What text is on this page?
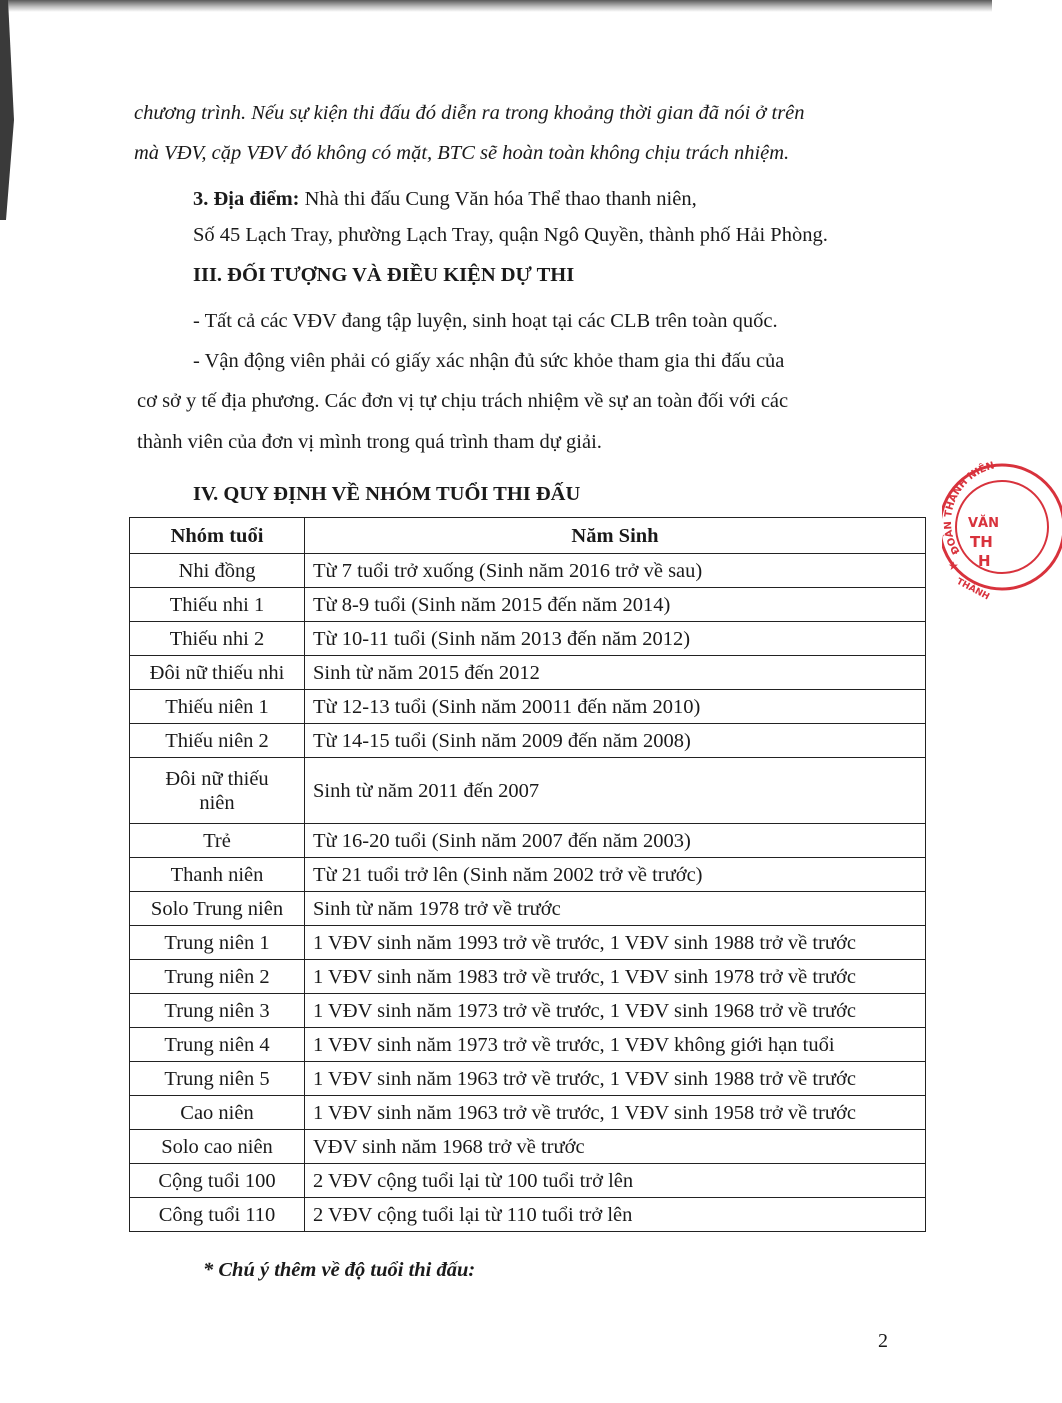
chương trình. Nếu sự kiện thi đấu đó diễn ra trong khoảng thời gian đã nói ở trên
mà VĐV, cặp VĐV đó không có mặt, BTC sẽ hoàn toàn không chịu trách nhiệm.
3. Địa điểm: Nhà thi đấu Cung Văn hóa Thể thao thanh niên,
Số 45 Lạch Tray, phường Lạch Tray, quận Ngô Quyền, thành phố Hải Phòng.
III. ĐỐI TƯỢNG VÀ ĐIỀU KIỆN DỰ THI
- Tất cả các VĐV đang tập luyện, sinh hoạt tại các CLB trên toàn quốc.
- Vận động viên phải có giấy xác nhận đủ sức khỏe tham gia thi đấu của
cơ sở y tế địa phương. Các đơn vị tự chịu trách nhiệm về sự an toàn đối với các
thành viên của đơn vị mình trong quá trình tham dự giải.
IV. QUY ĐỊNH VỀ NHÓM TUỔI THI ĐẤU
Nhóm tuổi	Năm Sinh
Nhi đồng	Từ 7 tuổi trở xuống (Sinh năm 2016 trở về sau)
Thiếu nhi 1	Từ 8-9 tuổi (Sinh năm 2015 đến năm 2014)
Thiếu nhi 2	Từ 10-11 tuổi (Sinh năm 2013 đến năm 2012)
Đôi nữ thiếu nhi	Sinh từ năm 2015 đến 2012
Thiếu niên 1	Từ 12-13 tuổi (Sinh năm 20011 đến năm 2010)
Thiếu niên 2	Từ 14-15 tuổi (Sinh năm 2009 đến năm 2008)
Đôi nữ thiếu niên	Sinh từ năm 2011 đến 2007
Trẻ	Từ 16-20 tuổi (Sinh năm 2007 đến năm 2003)
Thanh niên	Từ 21 tuổi trở lên (Sinh năm 2002 trở về trước)
Solo Trung niên	Sinh từ năm 1978 trở về trước
Trung niên 1	1 VĐV sinh năm 1993 trở về trước, 1 VĐV sinh 1988 trở về trước
Trung niên 2	1 VĐV sinh năm 1983 trở về trước, 1 VĐV sinh 1978 trở về trước
Trung niên 3	1 VĐV sinh năm 1973 trở về trước, 1 VĐV sinh 1968 trở về trước
Trung niên 4	1 VĐV sinh năm 1973 trở về trước, 1 VĐV không giới hạn tuổi
Trung niên 5	1 VĐV sinh năm 1963 trở về trước, 1 VĐV sinh 1988 trở về trước
Cao niên	1 VĐV sinh năm 1963 trở về trước, 1 VĐV sinh 1958 trở về trước
Solo cao niên	VĐV sinh năm 1968 trở về trước
Cộng tuổi 100	2 VĐV cộng tuổi lại từ 100 tuổi trở lên
Công tuổi 110	2 VĐV cộng tuổi lại từ 110 tuổi trở lên
* Chú ý thêm về độ tuổi thi đấu:
2
ĐOÀN THANH NIÊN
VĂN
TH
H
THÀNH
★
